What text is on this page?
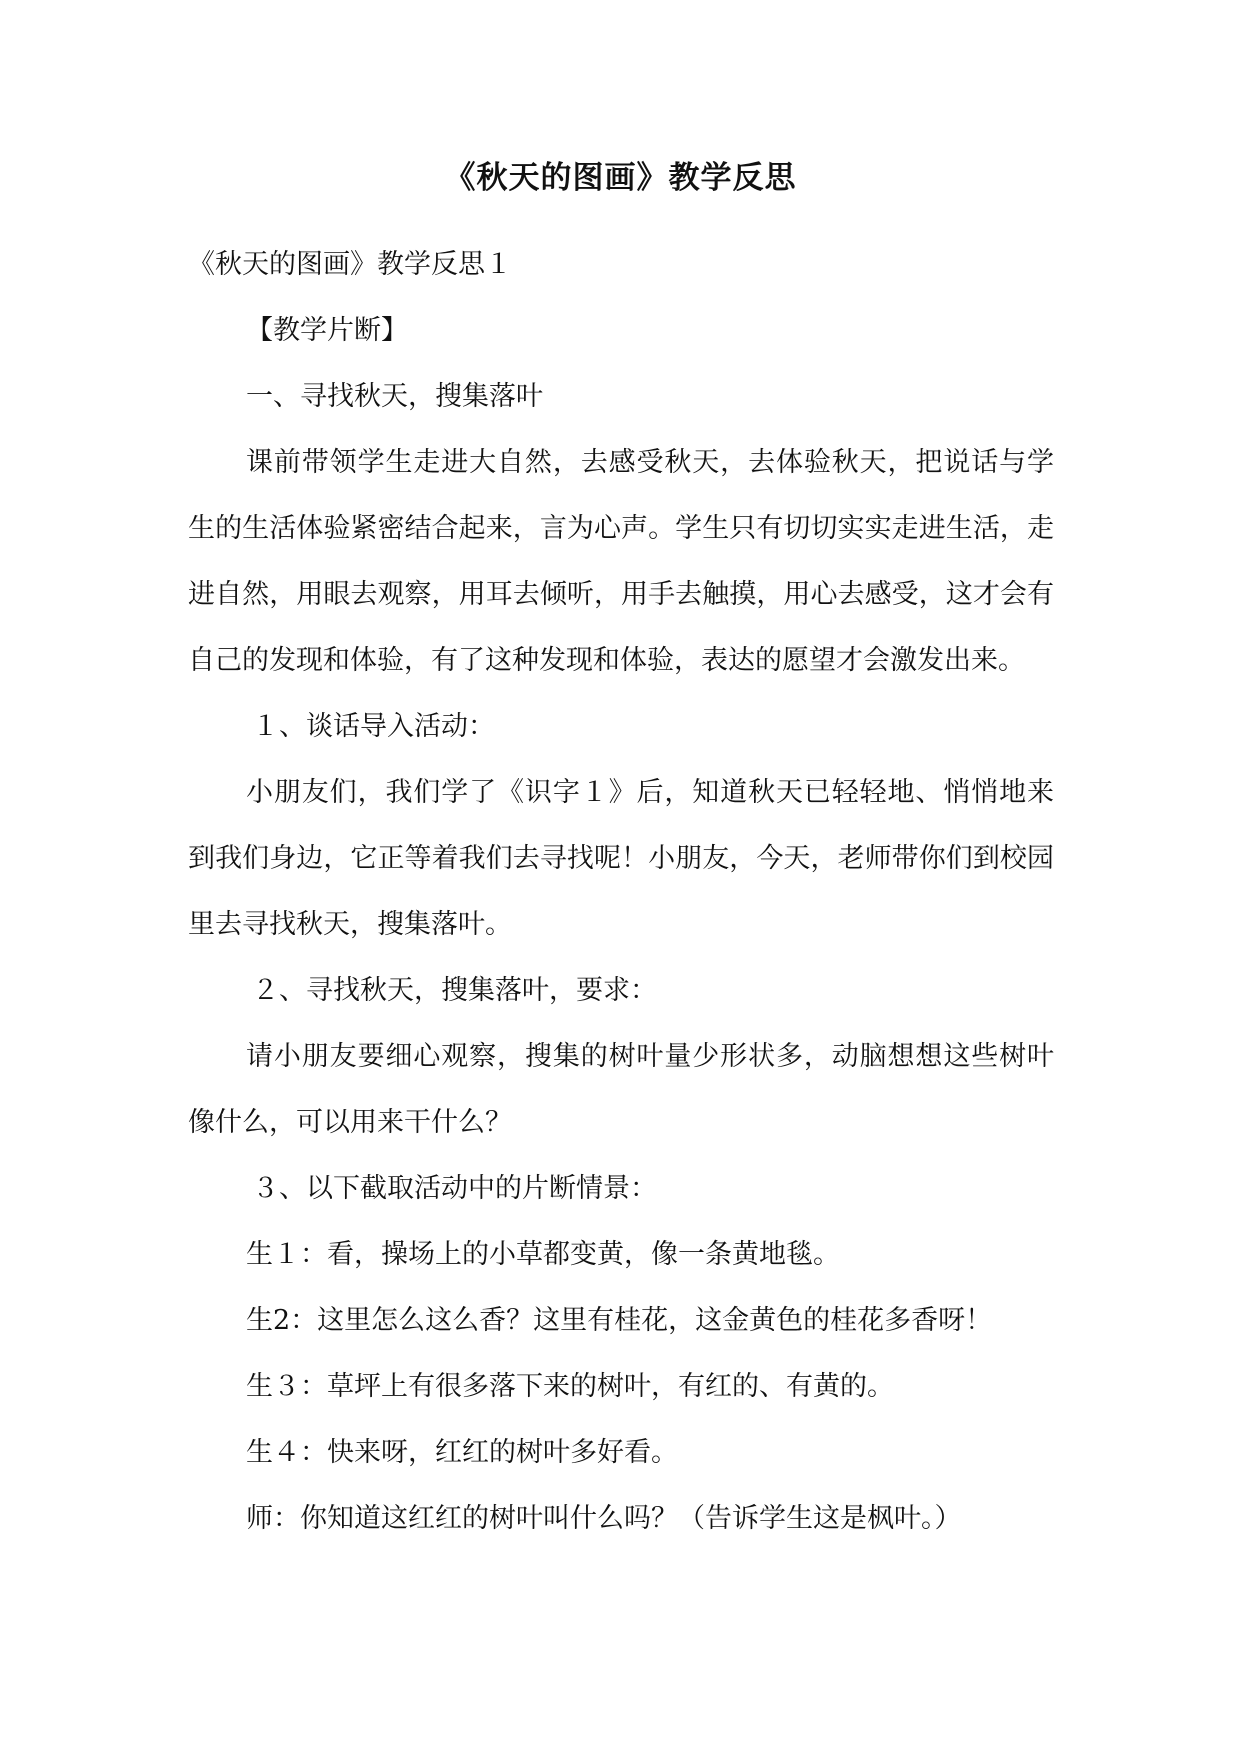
《秋天的图画》教学反思

《秋天的图画》教学反思１

【教学片断】

一、寻找秋天，搜集落叶

课前带领学生走进大自然，去感受秋天，去体验秋天，把说话与学生的生活体验紧密结合起来，言为心声。学生只有切切实实走进生活，走进自然，用眼去观察，用耳去倾听，用手去触摸，用心去感受，这才会有自己的发现和体验，有了这种发现和体验，表达的愿望才会激发出来。

１、谈话导入活动：

小朋友们，我们学了《识字１》后，知道秋天已轻轻地、悄悄地来到我们身边，它正等着我们去寻找呢！小朋友，今天，老师带你们到校园里去寻找秋天，搜集落叶。

２、寻找秋天，搜集落叶，要求：

请小朋友要细心观察，搜集的树叶量少形状多，动脑想想这些树叶像什么，可以用来干什么？

３、以下截取活动中的片断情景：

生１：看，操场上的小草都变黄，像一条黄地毯。

生2：这里怎么这么香？这里有桂花，这金黄色的桂花多香呀！

生３：草坪上有很多落下来的树叶，有红的、有黄的。

生４：快来呀，红红的树叶多好看。

师：你知道这红红的树叶叫什么吗？（告诉学生这是枫叶。）
